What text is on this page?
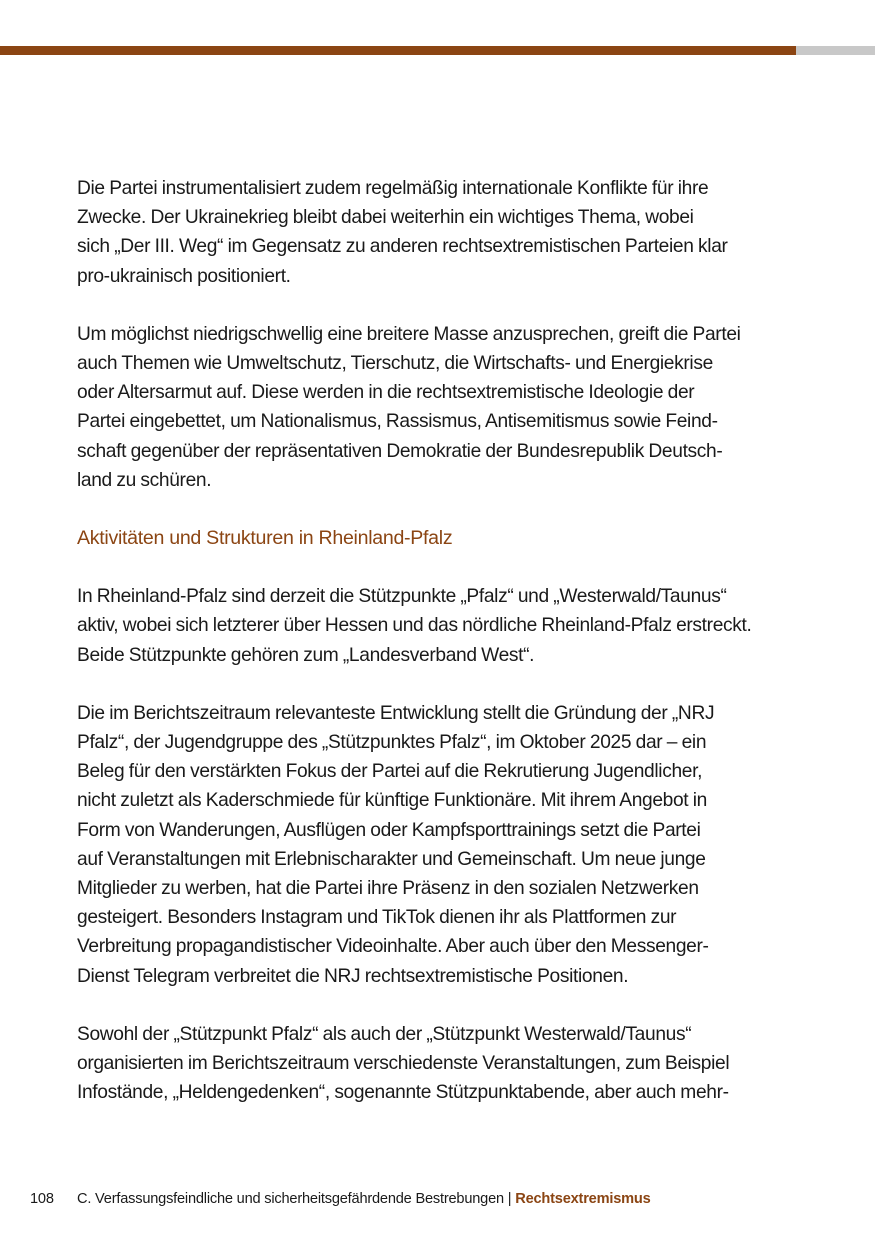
Die Partei instrumentalisiert zudem regelmäßig internationale Konflikte für ihre
Zwecke. Der Ukrainekrieg bleibt dabei weiterhin ein wichtiges Thema, wobei
sich „Der III. Weg“ im Gegensatz zu anderen rechtsextremistischen Parteien klar
pro-ukrainisch positioniert.

Um möglichst niedrigschwellig eine breitere Masse anzusprechen, greift die Partei
auch Themen wie Umweltschutz, Tierschutz, die Wirtschafts- und Energiekrise
oder Altersarmut auf. Diese werden in die rechtsextremistische Ideologie der
Partei eingebettet, um Nationalismus, Rassismus, Antisemitismus sowie Feind-
schaft gegenüber der repräsentativen Demokratie der Bundesrepublik Deutsch-
land zu schüren.

Aktivitäten und Strukturen in Rheinland-Pfalz

In Rheinland-Pfalz sind derzeit die Stützpunkte „Pfalz“ und „Westerwald/Taunus“
aktiv, wobei sich letzterer über Hessen und das nördliche Rheinland-Pfalz erstreckt.
Beide Stützpunkte gehören zum „Landesverband West“.

Die im Berichtszeitraum relevanteste Entwicklung stellt die Gründung der „NRJ
Pfalz“, der Jugendgruppe des „Stützpunktes Pfalz“, im Oktober 2025 dar – ein
Beleg für den verstärkten Fokus der Partei auf die Rekrutierung Jugendlicher,
nicht zuletzt als Kaderschmiede für künftige Funktionäre. Mit ihrem Angebot in
Form von Wanderungen, Ausflügen oder Kampfsporttrainings setzt die Partei
auf Veranstaltungen mit Erlebnischarakter und Gemeinschaft. Um neue junge
Mitglieder zu werben, hat die Partei ihre Präsenz in den sozialen Netzwerken
gesteigert. Besonders Instagram und TikTok dienen ihr als Plattformen zur
Verbreitung propagandistischer Videoinhalte. Aber auch über den Messenger-
Dienst Telegram verbreitet die NRJ rechtsextremistische Positionen.

Sowohl der „Stützpunkt Pfalz“ als auch der „Stützpunkt Westerwald/Taunus“
organisierten im Berichtszeitraum verschiedenste Veranstaltungen, zum Beispiel
Infostände, „Heldengedenken“, sogenannte Stützpunktabende, aber auch mehr-

108 C. Verfassungsfeindliche und sicherheitsgefährdende Bestrebungen | Rechtsextremismus
